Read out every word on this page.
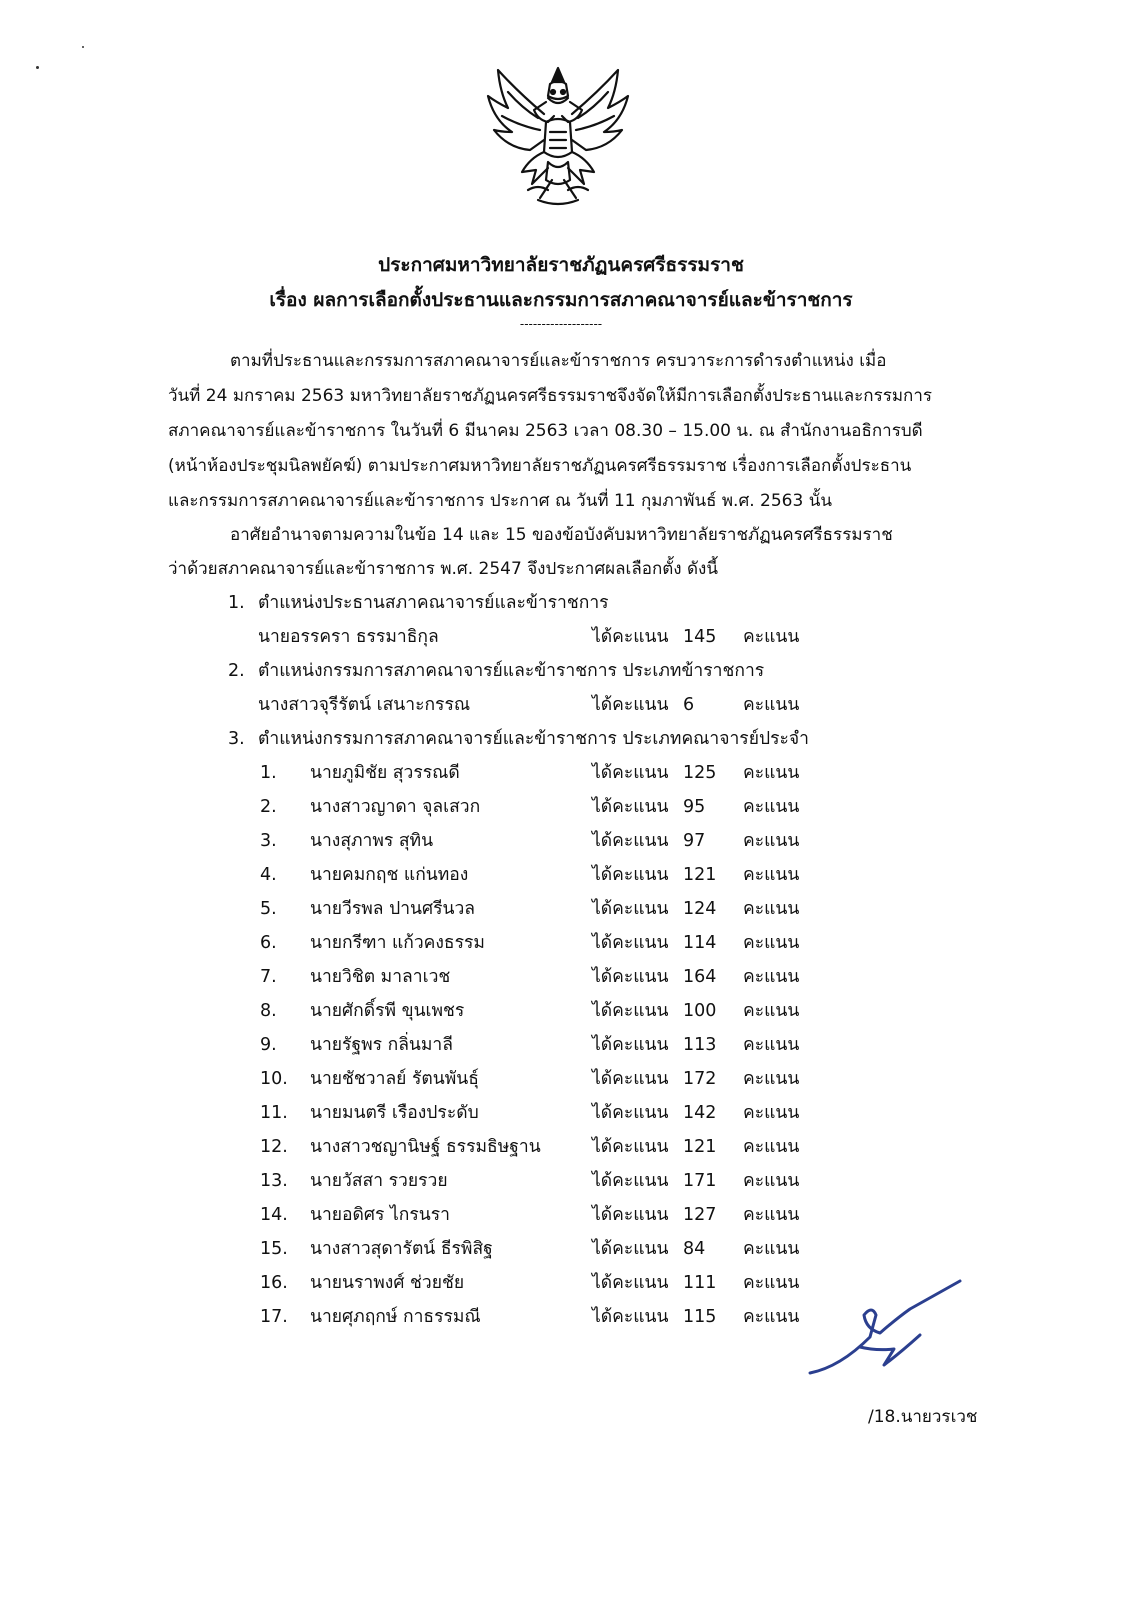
ประกาศมหาวิทยาลัยราชภัฏนครศรีธรรมราช
เรื่อง ผลการเลือกตั้งประธานและกรรมการสภาคณาจารย์และข้าราชการ
-------------------
ตามที่ประธานและกรรมการสภาคณาจารย์และข้าราชการ ครบวาระการดำรงตำแหน่ง เมื่อ
วันที่ 24 มกราคม 2563 มหาวิทยาลัยราชภัฏนครศรีธรรมราชจึงจัดให้มีการเลือกตั้งประธานและกรรมการ
สภาคณาจารย์และข้าราชการ ในวันที่ 6 มีนาคม 2563 เวลา 08.30 – 15.00 น. ณ สำนักงานอธิการบดี
(หน้าห้องประชุมนิลพยัคฆ์) ตามประกาศมหาวิทยาลัยราชภัฏนครศรีธรรมราช เรื่องการเลือกตั้งประธาน
และกรรมการสภาคณาจารย์และข้าราชการ ประกาศ ณ วันที่ 11 กุมภาพันธ์ พ.ศ. 2563 นั้น
อาศัยอำนาจตามความในข้อ 14 และ 15 ของข้อบังคับมหาวิทยาลัยราชภัฏนครศรีธรรมราช
ว่าด้วยสภาคณาจารย์และข้าราชการ พ.ศ. 2547 จึงประกาศผลเลือกตั้ง ดังนี้
1. ตำแหน่งประธานสภาคณาจารย์และข้าราชการ
นายอรรครา ธรรมาธิกุล	ได้คะแนน 145 คะแนน
2. ตำแหน่งกรรมการสภาคณาจารย์และข้าราชการ ประเภทข้าราชการ
นางสาวจุรีรัตน์ เสนาะกรรณ	ได้คะแนน 6	คะแนน
3. ตำแหน่งกรรมการสภาคณาจารย์และข้าราชการ ประเภทคณาจารย์ประจำ
1. นายภูมิชัย สุวรรณดี	ได้คะแนน 125 คะแนน
2. นางสาวญาดา จุลเสวก	ได้คะแนน 95 คะแนน
3. นางสุภาพร สุทิน	ได้คะแนน 97 คะแนน
4. นายคมกฤช แก่นทอง	ได้คะแนน 121 คะแนน
5. นายวีรพล ปานศรีนวล	ได้คะแนน 124 คะแนน
6. นายกรีฑา แก้วคงธรรม	ได้คะแนน 114 คะแนน
7. นายวิชิต มาลาเวช	ได้คะแนน 164 คะแนน
8. นายศักดิ์รพี ขุนเพชร	ได้คะแนน 100 คะแนน
9. นายรัฐพร กลิ่นมาลี	ได้คะแนน 113 คะแนน
10. นายชัชวาลย์ รัตนพันธุ์	ได้คะแนน 172 คะแนน
11. นายมนตรี เรืองประดับ	ได้คะแนน 142 คะแนน
12. นางสาวชญานิษฐ์ ธรรมธิษฐาน	ได้คะแนน 121 คะแนน
13. นายวัสสา รวยรวย	ได้คะแนน 171 คะแนน
14. นายอดิศร ไกรนรา	ได้คะแนน 127 คะแนน
15. นางสาวสุดารัตน์ ธีรพิสิฐ	ได้คะแนน 84 คะแนน
16. นายนราพงศ์ ช่วยชัย	ได้คะแนน 111 คะแนน
17. นายศุภฤกษ์ กาธรรมณี	ได้คะแนน 115 คะแนน
/18.นายวรเวช
